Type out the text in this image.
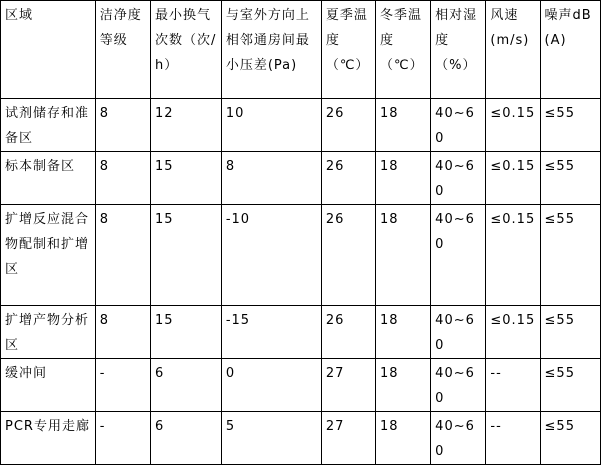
区域	洁净度等级	最小换气次数（次/h）	与室外方向上相邻通房间最小压差(Pa)	夏季温度（℃）	冬季温度（℃）	相对湿度（%）	风速(m/s)	噪声dB(A)
试剂储存和准备区	8	12	10	26	18	40~60	≤0.15	≤55
标本制备区	8	15	8	26	18	40~60	≤0.15	≤55
扩增反应混合物配制和扩增区	8	15	-10	26	18	40~60	≤0.15	≤55
扩增产物分析区	8	15	-15	26	18	40~60	≤0.15	≤55
缓冲间	-	6	0	27	18	40~60	--	≤55
PCR专用走廊	-	6	5	27	18	40~60	--	≤55
